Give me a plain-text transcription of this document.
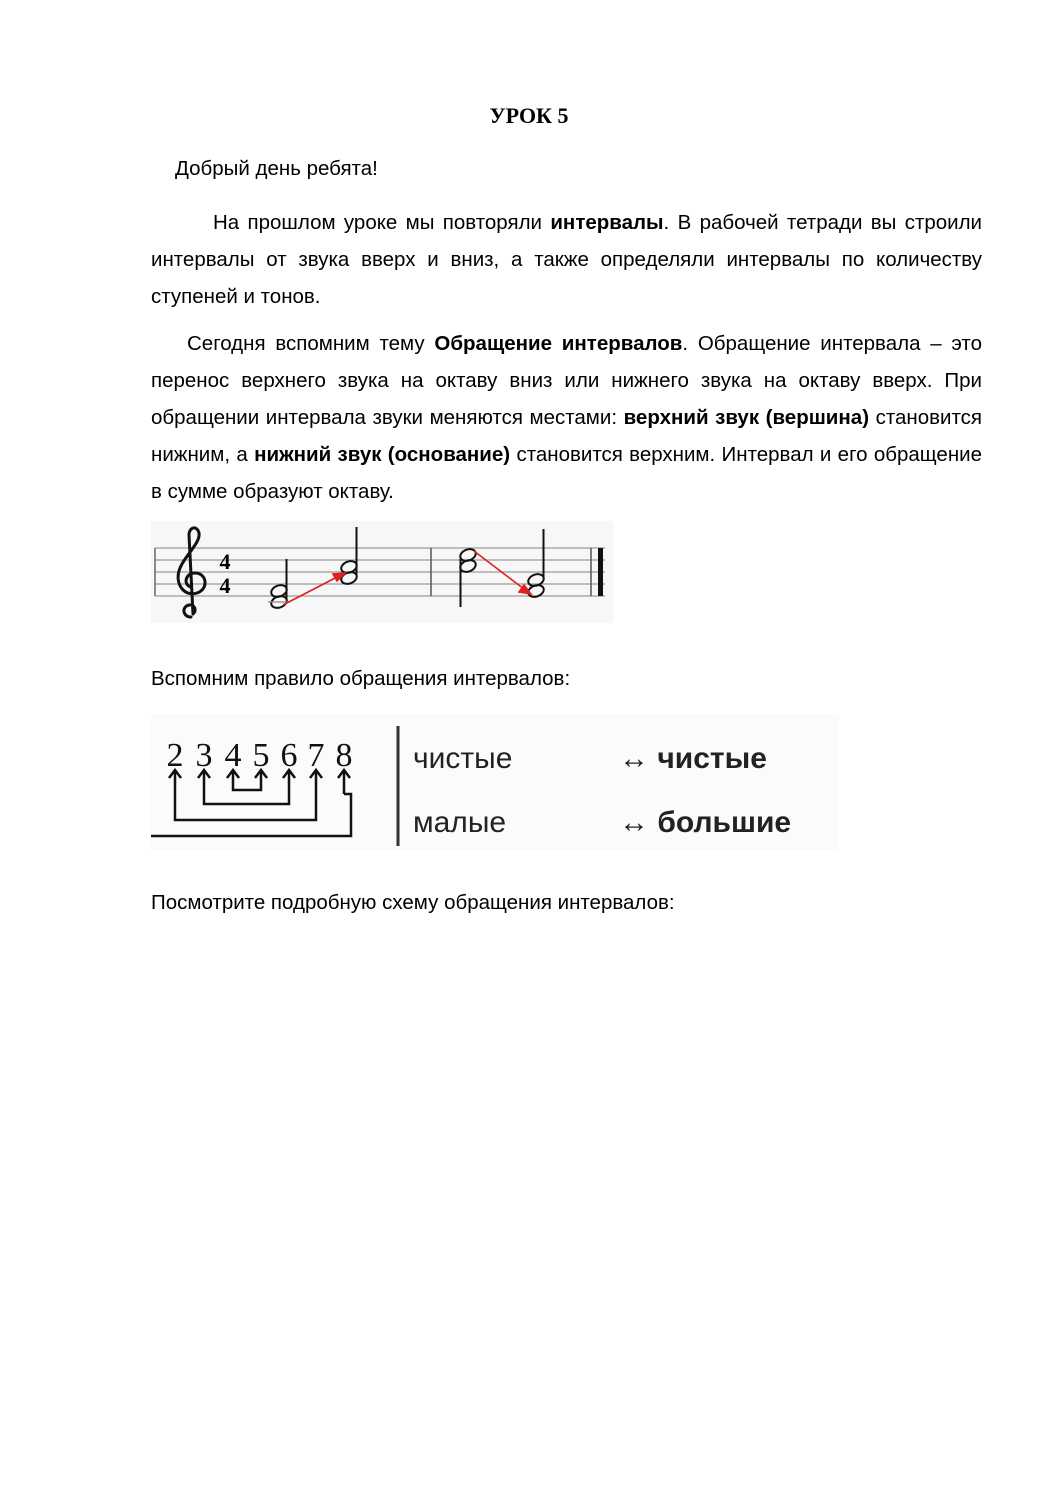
УРОК 5
Добрый день ребята!
На прошлом уроке мы повторяли интервалы. В рабочей тетради вы строили интервалы от звука вверх и вниз, а также определяли интервалы по количеству ступеней и тонов.
Сегодня вспомним тему Обращение интервалов. Обращение интервала – это перенос верхнего звука на октаву вниз или нижнего звука на октаву вверх. При обращении интервала звуки меняются местами: верхний звук (вершина) становится нижним, а нижний звук (основание) становится верхним. Интервал и его обращение в сумме образуют октаву.
4
4
Вспомним правило обращения интервалов:
2 3 4 5 6 7 8 чистые
малые
↔ чистые
↔ большие
Посмотрите подробную схему обращения интервалов:
